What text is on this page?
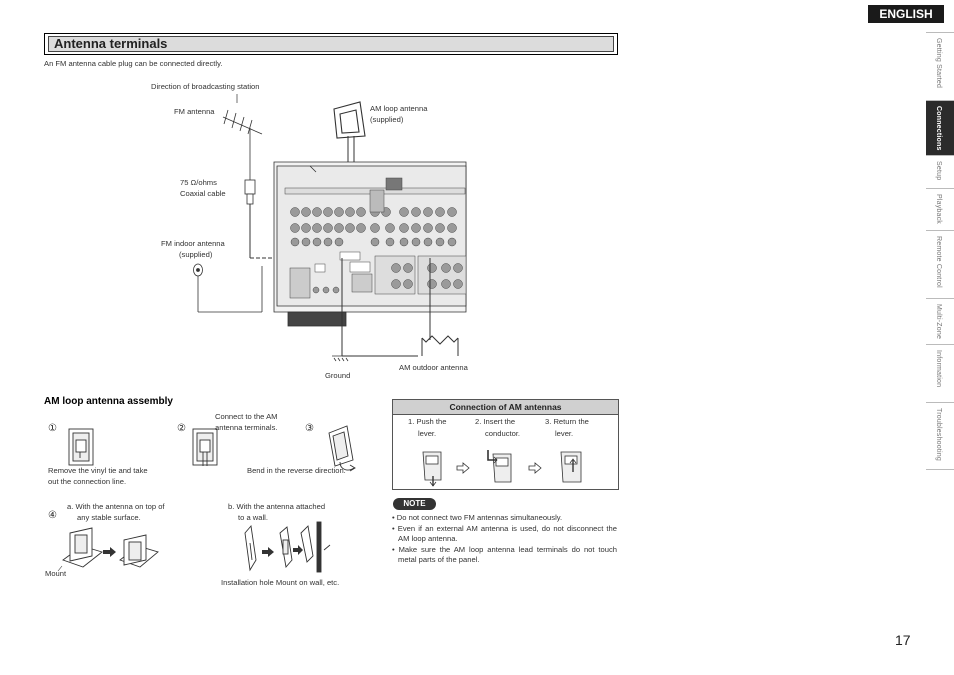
ENGLISH
Getting Started
Connections
Setup
Playback
Remote Control
Multi-Zone
Information
Troubleshooting
Antenna terminals
An FM antenna cable plug can be connected directly.
Direction of broadcasting station
FM antenna
75 Ω/ohms
Coaxial cable
FM indoor antenna
(supplied)
AM loop antenna
(supplied)
Ground
AM outdoor antenna
AM loop antenna assembly
①	②	③
④
Connect to the AM
antenna terminals.
Remove the vinyl tie and take
out the connection line.
Bend in the reverse direction.
a. With the antenna on top of
any stable surface.
b. With the antenna attached
to a wall.
Mount
Installation hole Mount on wall, etc.
Connection of AM antennas
1. Push the
lever.
2. Insert the
conductor.
3. Return the
lever.
NOTE
• Do not connect two FM antennas simultaneously.
• Even if an external AM antenna is used, do not disconnect the AM loop antenna.
• Make sure the AM loop antenna lead terminals do not touch metal parts of the panel.
17
